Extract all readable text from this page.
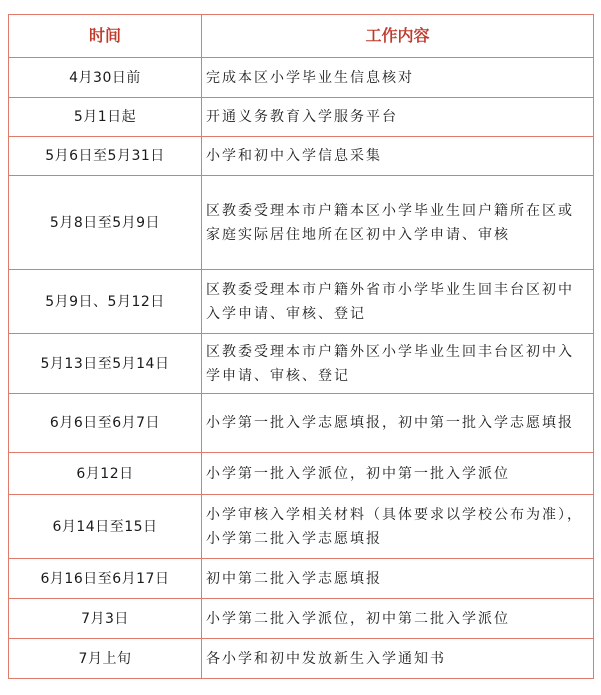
时间	工作内容
4月30日前	完成本区小学毕业生信息核对
5月1日起	开通义务教育入学服务平台
5月6日至5月31日	小学和初中入学信息采集
5月8日至5月9日	区教委受理本市户籍本区小学毕业生回户籍所在区或家庭实际居住地所在区初中入学申请、审核
5月9日、5月12日	区教委受理本市户籍外省市小学毕业生回丰台区初中入学申请、审核、登记
5月13日至5月14日	区教委受理本市户籍外区小学毕业生回丰台区初中入学申请、审核、登记
6月6日至6月7日	小学第一批入学志愿填报，初中第一批入学志愿填报
6月12日	小学第一批入学派位，初中第一批入学派位
6月14日至15日	小学审核入学相关材料（具体要求以学校公布为准），小学第二批入学志愿填报
6月16日至6月17日	初中第二批入学志愿填报
7月3日	小学第二批入学派位，初中第二批入学派位
7月上旬	各小学和初中发放新生入学通知书
